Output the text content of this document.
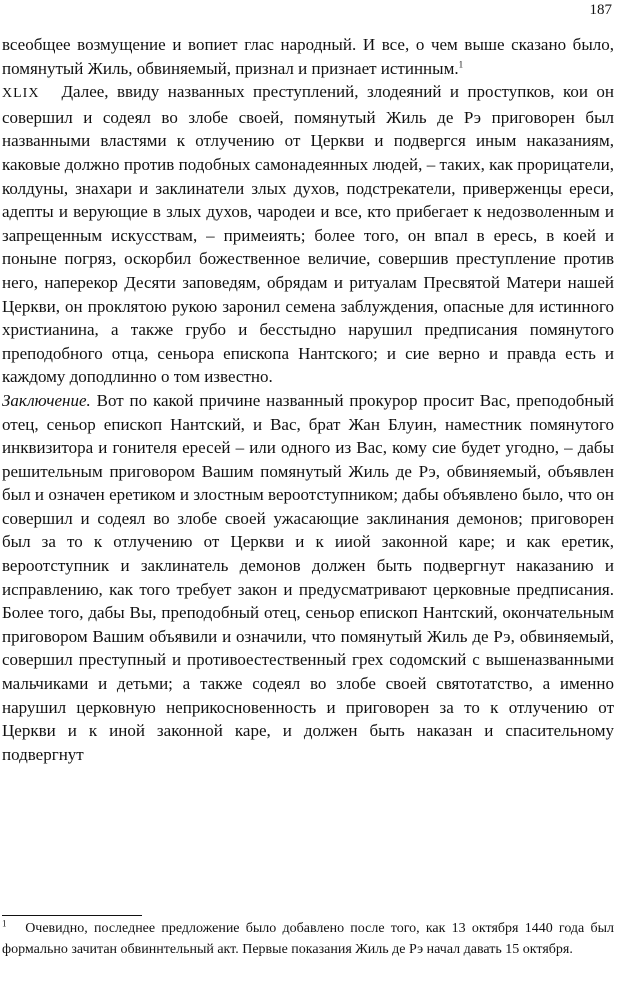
187

всеобщее возмущение и вопиет глас народный. И все, о чем выше сказано было, помянутый Жиль, обвиняемый, признал и признает истинным.$^1$

XLIX Далее, ввиду названных преступлений, злодеяний и проступков, кои он совершил и содеял во злобе своей, помянутый Жиль де Рэ приговорен был названными властями к отлучению от Церкви и подвергся иным наказаниям, каковые должно против подобных самонадеянных людей, – таких, как прорицатели, колдуны, знахари и заклинатели злых духов, подстрекатели, приверженцы ереси, адепты и верующие в злых духов, чародеи и все, кто прибегает к недозволенным и запрещенным искусствам, – примеиять; более того, он впал в ересь, в коей и поныне погряз, оскорбил божественное величие, совершив преступление против него, наперекор Десяти заповедям, обрядам и ритуалам Пресвятой Матери нашей Церкви, он проклятою рукою заронил семена заблуждения, опасные для истинного христианина, а также грубо и бесстыдно нарушил предписания помянутого преподобного отца, сеньора епископа Нантского; и сие верно и правда есть и каждому доподлинно о том известно.

Заключение. Вот по какой причине названный прокурор просит Вас, преподобный отец, сеньор епископ Нантский, и Вас, брат Жан Блуин, наместник помянутого инквизитора и гонителя ересей – или одного из Вас, кому сие будет угодно, – дабы решительным приговором Вашим помянутый Жиль де Рэ, обвиняемый, объявлен был и означен еретиком и злостным вероотступником; дабы объявлено было, что он совершил и содеял во злобе своей ужасающие заклинания демонов; приговорен был за то к отлучению от Церкви и к ииой законной каре; и как еретик, вероотступник и заклинатель демонов должен быть подвергнут наказанию и исправлению, как того требует закон и предусматривают церковные предписания. Более того, дабы Вы, преподобный отец, сеньор епископ Нантский, окончательным приговором Вашим объявили и означили, что помянутый Жиль де Рэ, обвиняемый, совершил преступный и противоестественный грех содомский с вышеназванными мальчиками и детьми; а также содеял во злобе своей святотатство, а именно нарушил церковную неприкосновенность и приговорен за то к отлучению от Церкви и к иной законной каре, и должен быть наказан и спасительному подвергнут

$^1$ Очевидно, последнее предложение было добавлено после того, как 13 октября 1440 года был формально зачитан обвиннтельный акт. Первые показания Жиль де Рэ начал давать 15 октября.
